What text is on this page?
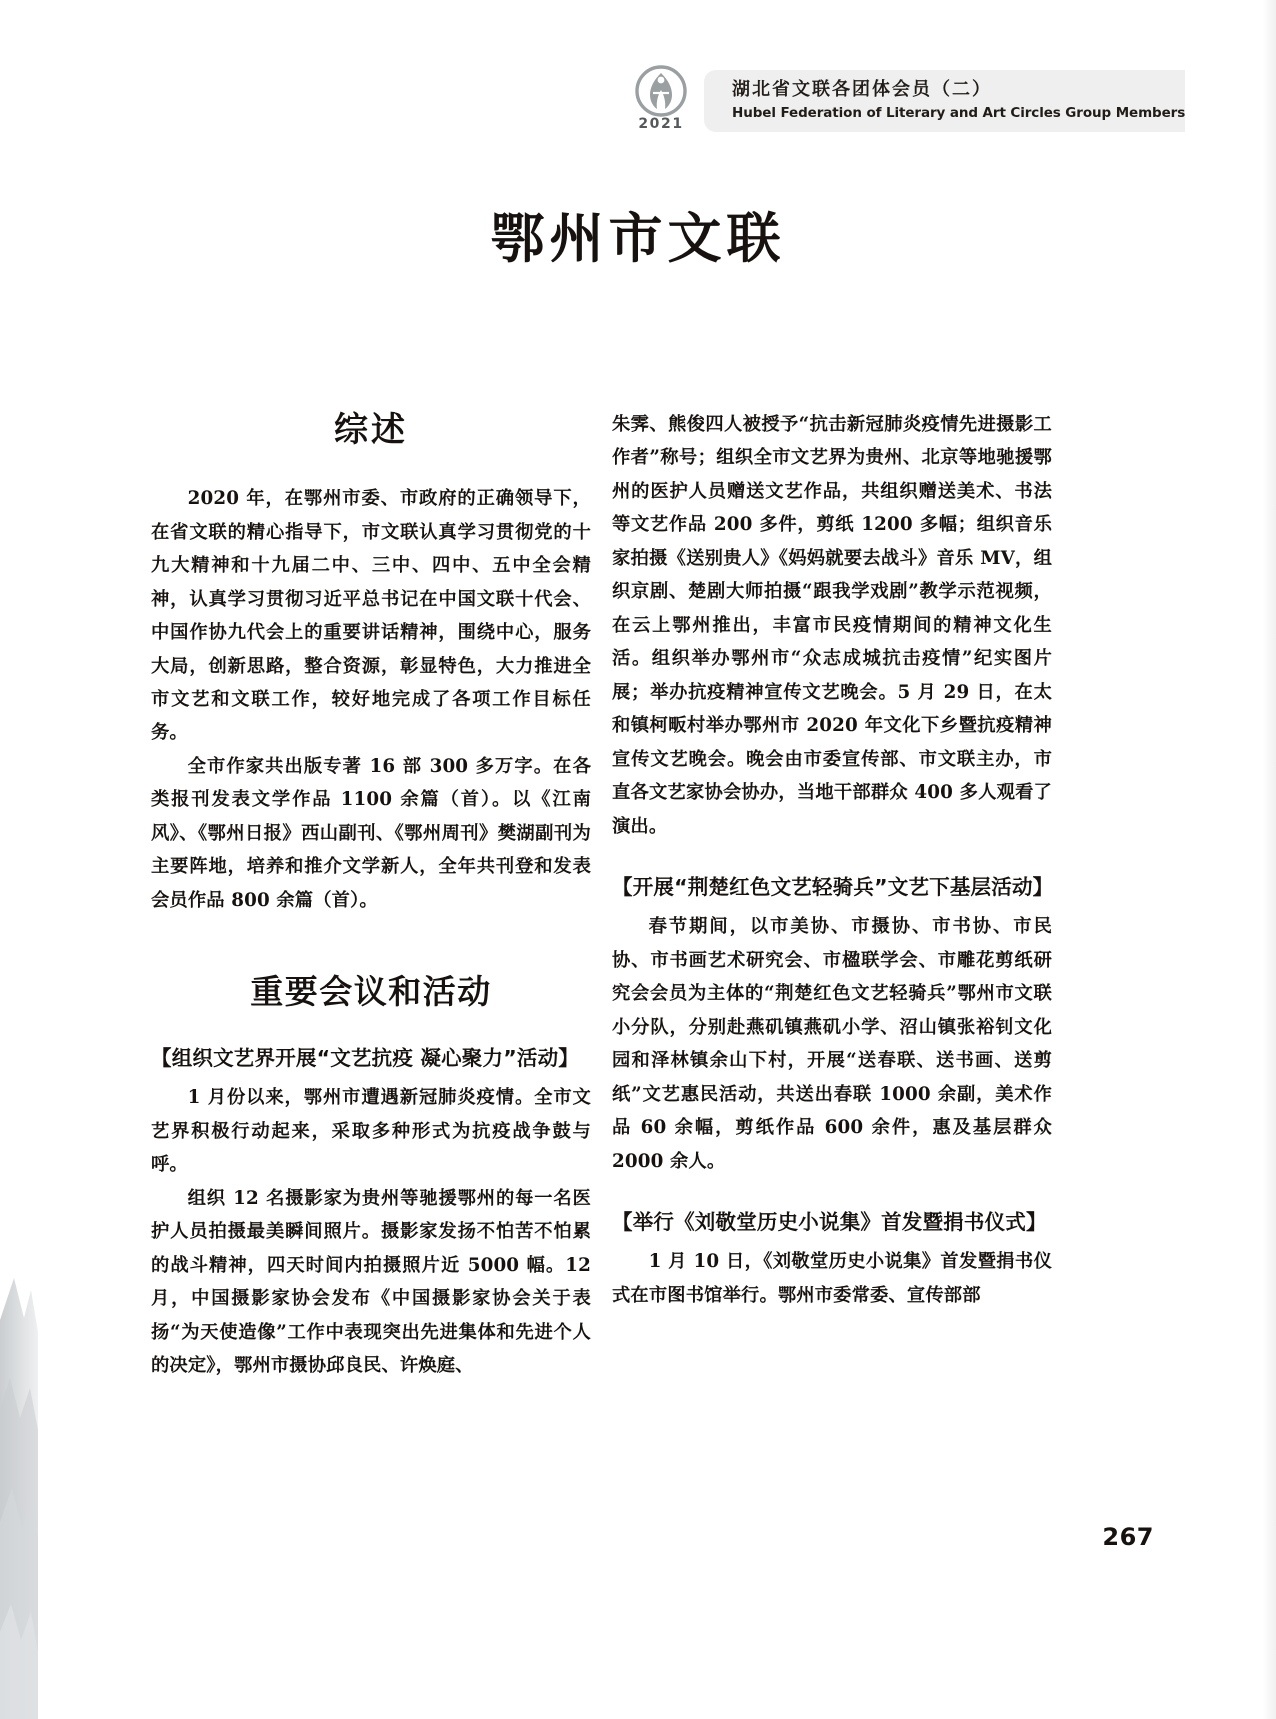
2021
湖北省文联各团体会员（二）
Hubel Federation of Literary and Art Circles Group Members
鄂州市文联
综述

2020 年，在鄂州市委、市政府的正确领导下，在省文联的精心指导下，市文联认真学习贯彻党的十九大精神和十九届二中、三中、四中、五中全会精神，认真学习贯彻习近平总书记在中国文联十代会、中国作协九代会上的重要讲话精神，围绕中心，服务大局，创新思路，整合资源，彰显特色，大力推进全市文艺和文联工作，较好地完成了各项工作目标任务。

全市作家共出版专著 16 部 300 多万字。在各类报刊发表文学作品 1100 余篇（首）。以《江南风》、《鄂州日报》西山副刊、《鄂州周刊》樊湖副刊为主要阵地，培养和推介文学新人，全年共刊登和发表会员作品 800 余篇（首）。

重要会议和活动
【组织文艺界开展“文艺抗疫 凝心聚力”活动】

1 月份以来，鄂州市遭遇新冠肺炎疫情。全市文艺界积极行动起来，采取多种形式为抗疫战争鼓与呼。

组织 12 名摄影家为贵州等驰援鄂州的每一名医护人员拍摄最美瞬间照片。摄影家发扬不怕苦不怕累的战斗精神，四天时间内拍摄照片近 5000 幅。12 月，中国摄影家协会发布《中国摄影家协会关于表扬“为天使造像”工作中表现突出先进集体和先进个人的决定》，鄂州市摄协邱良民、许焕庭、

朱霁、熊俊四人被授予“抗击新冠肺炎疫情先进摄影工作者”称号；组织全市文艺界为贵州、北京等地驰援鄂州的医护人员赠送文艺作品，共组织赠送美术、书法等文艺作品 200 多件，剪纸 1200 多幅；组织音乐家拍摄《送别贵人》《妈妈就要去战斗》音乐 MV，组织京剧、楚剧大师拍摄“跟我学戏剧”教学示范视频，在云上鄂州推出，丰富市民疫情期间的精神文化生活。组织举办鄂州市“众志成城抗击疫情”纪实图片展；举办抗疫精神宣传文艺晚会。5 月 29 日，在太和镇柯畈村举办鄂州市 2020 年文化下乡暨抗疫精神宣传文艺晚会。晚会由市委宣传部、市文联主办，市直各文艺家协会协办，当地干部群众 400 多人观看了演出。

【开展“荆楚红色文艺轻骑兵”文艺下基层活动】

春节期间，以市美协、市摄协、市书协、市民协、市书画艺术研究会、市楹联学会、市雕花剪纸研究会会员为主体的“荆楚红色文艺轻骑兵”鄂州市文联小分队，分别赴燕矶镇燕矶小学、沼山镇张裕钊文化园和泽林镇余山下村，开展“送春联、送书画、送剪纸”文艺惠民活动，共送出春联 1000 余副，美术作品 60 余幅，剪纸作品 600 余件，惠及基层群众 2000 余人。

【举行《刘敬堂历史小说集》首发暨捐书仪式】

1 月 10 日，《刘敬堂历史小说集》首发暨捐书仪式在市图书馆举行。鄂州市委常委、宣传部部

267
